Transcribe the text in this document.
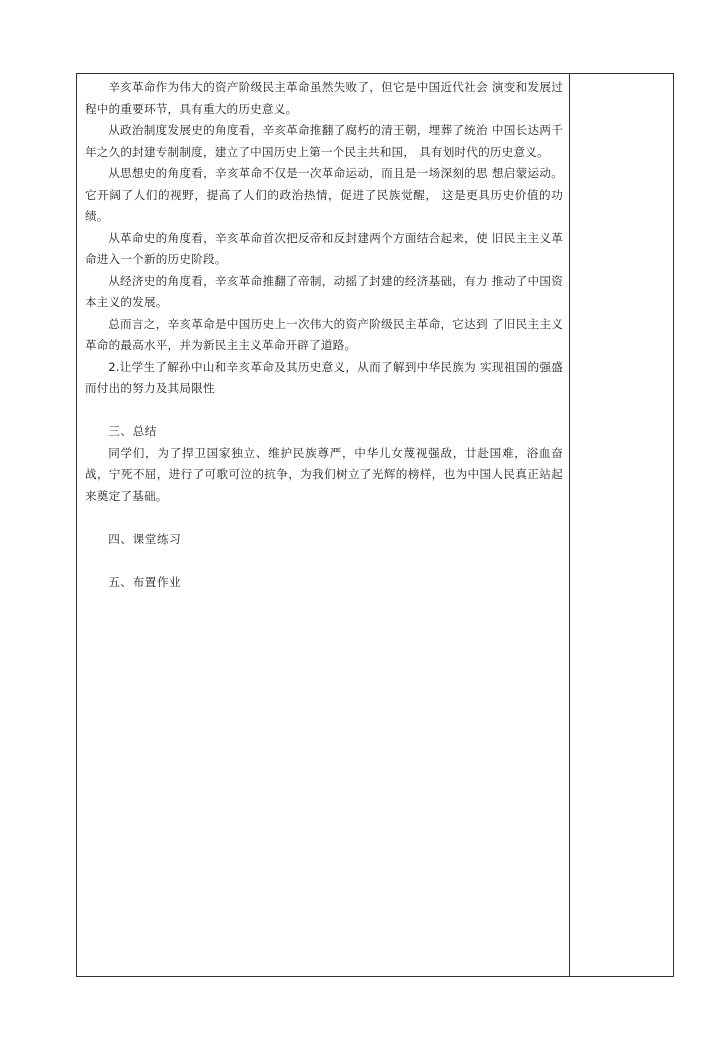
辛亥革命作为伟大的资产阶级民主革命虽然失败了，但它是中国近代社会 演变和发展过程中的重要环节，具有重大的历史意义。

从政治制度发展史的角度看，辛亥革命推翻了腐朽的清王朝，埋葬了统治 中国长达两千年之久的封建专制制度，建立了中国历史上第一个民主共和国， 具有划时代的历史意义。

从思想史的角度看，辛亥革命不仅是一次革命运动，而且是一场深刻的思 想启蒙运动。它开阔了人们的视野，提高了人们的政治热情，促进了民族觉醒， 这是更具历史价值的功绩。

从革命史的角度看，辛亥革命首次把反帝和反封建两个方面结合起来，使 旧民主主义革命进入一个新的历史阶段。

从经济史的角度看，辛亥革命推翻了帝制，动摇了封建的经济基础，有力 推动了中国资本主义的发展。

总而言之，辛亥革命是中国历史上一次伟大的资产阶级民主革命，它达到 了旧民主主义革命的最高水平，并为新民主主义革命开辟了道路。

2.让学生了解孙中山和辛亥革命及其历史意义，从而了解到中华民族为 实现祖国的强盛而付出的努力及其局限性

三、总结

同学们，为了捍卫国家独立、维护民族尊严，中华儿女蔑视强敌，廿赴国难，浴血奋战，宁死不屈，进行了可歌可泣的抗争，为我们树立了光辉的榜样，也为中国人民真正站起来奠定了基础。

四、课堂练习

五、布置作业
